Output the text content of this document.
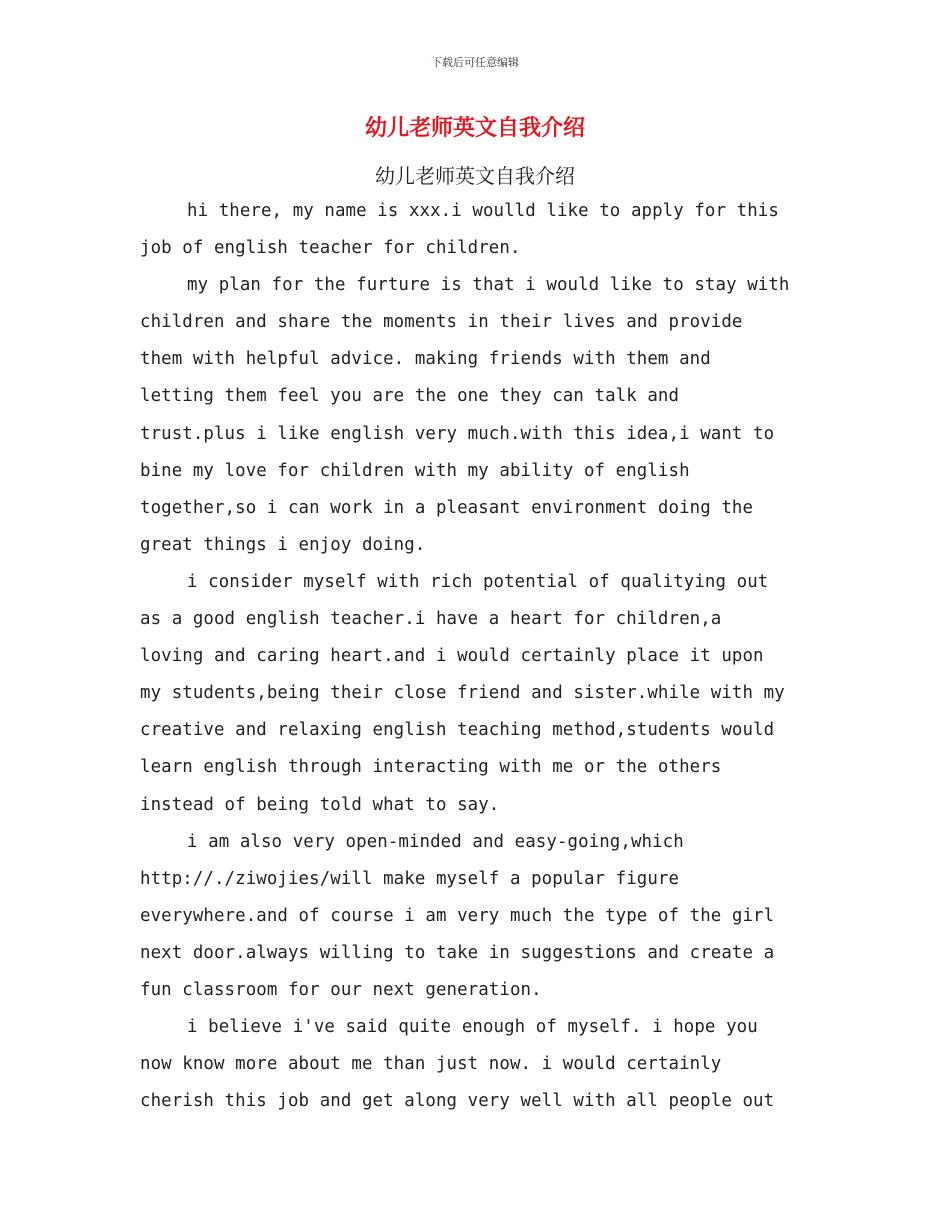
下载后可任意编辑
幼儿老师英文自我介绍
幼儿老师英文自我介绍

hi there, my name is xxx.i woulld like to apply for this
job of english teacher for children.

my plan for the furture is that i would like to stay with
children and share the moments in their lives and provide
them with helpful advice. making friends with them and
letting them feel you are the one they can talk and
trust.plus i like english very much.with this idea,i want to
bine my love for children with my ability of english
together,so i can work in a pleasant environment doing the
great things i enjoy doing.

i consider myself with rich potential of qualitying out
as a good english teacher.i have a heart for children,a
loving and caring heart.and i would certainly place it upon
my students,being their close friend and sister.while with my
creative and relaxing english teaching method,students would
learn english through interacting with me or the others
instead of being told what to say.

i am also very open-minded and easy-going,which
http://./ziwojies/will make myself a popular figure
everywhere.and of course i am very much the type of the girl
next door.always willing to take in suggestions and create a
fun classroom for our next generation.

i believe i've said quite enough of myself. i hope you
now know more about me than just now. i would certainly
cherish this job and get along very well with all people out
